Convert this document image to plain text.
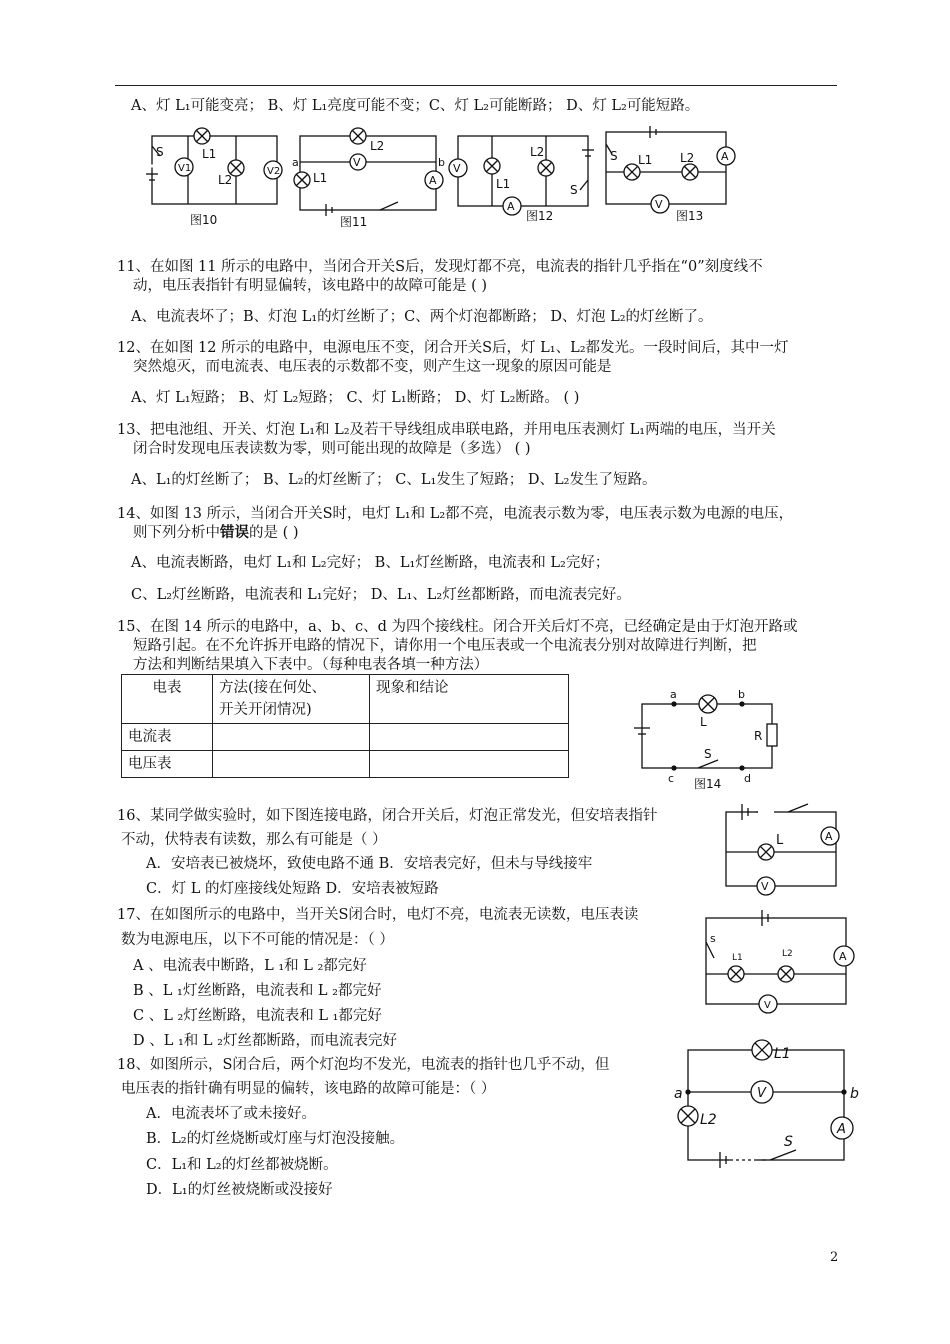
A、灯 L₁可能变亮； B、灯 L₁亮度可能不变；C、灯 L₂可能断路； D、灯 L₂可能短路。
S
V1
L1
L2
V2
图10
a	b
L2
V
L1	A
图11
V
L1
L2
A
S
图12
S L1 L2 A
V
图13
11、在如图 11 所示的电路中，当闭合开关S后，发现灯都不亮，电流表的指针几乎指在“0”刻度线不
动，电压表指针有明显偏转，该电路中的故障可能是 ( )
A、电流表坏了；B、灯泡 L₁的灯丝断了；C、两个灯泡都断路； D、灯泡 L₂的灯丝断了。
12、在如图 12 所示的电路中，电源电压不变，闭合开关S后，灯 L₁、L₂都发光。一段时间后，其中一灯
突然熄灭，而电流表、电压表的示数都不变，则产生这一现象的原因可能是
A、灯 L₁短路； B、灯 L₂短路； C、灯 L₁断路； D、灯 L₂断路。 ( )
13、把电池组、开关、灯泡 L₁和 L₂及若干导线组成串联电路，并用电压表测灯 L₁两端的电压，当开关
闭合时发现电压表读数为零，则可能出现的故障是（多选） ( )
A、L₁的灯丝断了； B、L₂的灯丝断了； C、L₁发生了短路； D、L₂发生了短路。
14、如图 13 所示，当闭合开关S时，电灯 L₁和 L₂都不亮，电流表示数为零，电压表示数为电源的电压，
则下列分析中错误的是 ( )
A、电流表断路，电灯 L₁和 L₂完好； B、L₁灯丝断路，电流表和 L₂完好；
C、L₂灯丝断路，电流表和 L₁完好； D、L₁、L₂灯丝都断路，而电流表完好。
15、在图 14 所示的电路中，a、b、c、d 为四个接线柱。闭合开关后灯不亮，已经确定是由于灯泡开路或
短路引起。在不允许拆开电路的情况下，请你用一个电压表或一个电流表分别对故障进行判断，把
方法和判断结果填入下表中。（每种电表各填一种方法）
电表	方法(接在何处、
开关开闭情况)	现象和结论
电流表		
电压表		
a	b
c	d
L
R
S
图14
16、某同学做实验时，如下图连接电路，闭合开关后，灯泡正常发光，但安培表指针
不动，伏特表有读数，那么有可能是（ ）
A．安培表已被烧坏，致使电路不通 B．安培表完好，但未与导线接牢
C．灯 L 的灯座接线处短路 D．安培表被短路
L	A
V
17、在如图所示的电路中，当开关S闭合时，电灯不亮，电流表无读数，电压表读
数为电源电压，以下不可能的情况是：（ ）
A 、电流表中断路，L ₁和 L ₂都完好
B 、L ₁灯丝断路，电流表和 L ₂都完好
C 、L ₂灯丝断路，电流表和 L ₁都完好
D 、L ₁和 L ₂灯丝都断路，而电流表完好
s
L1	L2	A
V
18、如图所示，S闭合后，两个灯泡均不发光，电流表的指针也几乎不动，但
电压表的指针确有明显的偏转，该电路的故障可能是：（ ）
A．电流表坏了或未接好。
B．L₂的灯丝烧断或灯座与灯泡没接触。
C．L₁和 L₂的灯丝都被烧断。
D．L₁的灯丝被烧断或没接好
L1
V
L2
A
S
a	b
2
